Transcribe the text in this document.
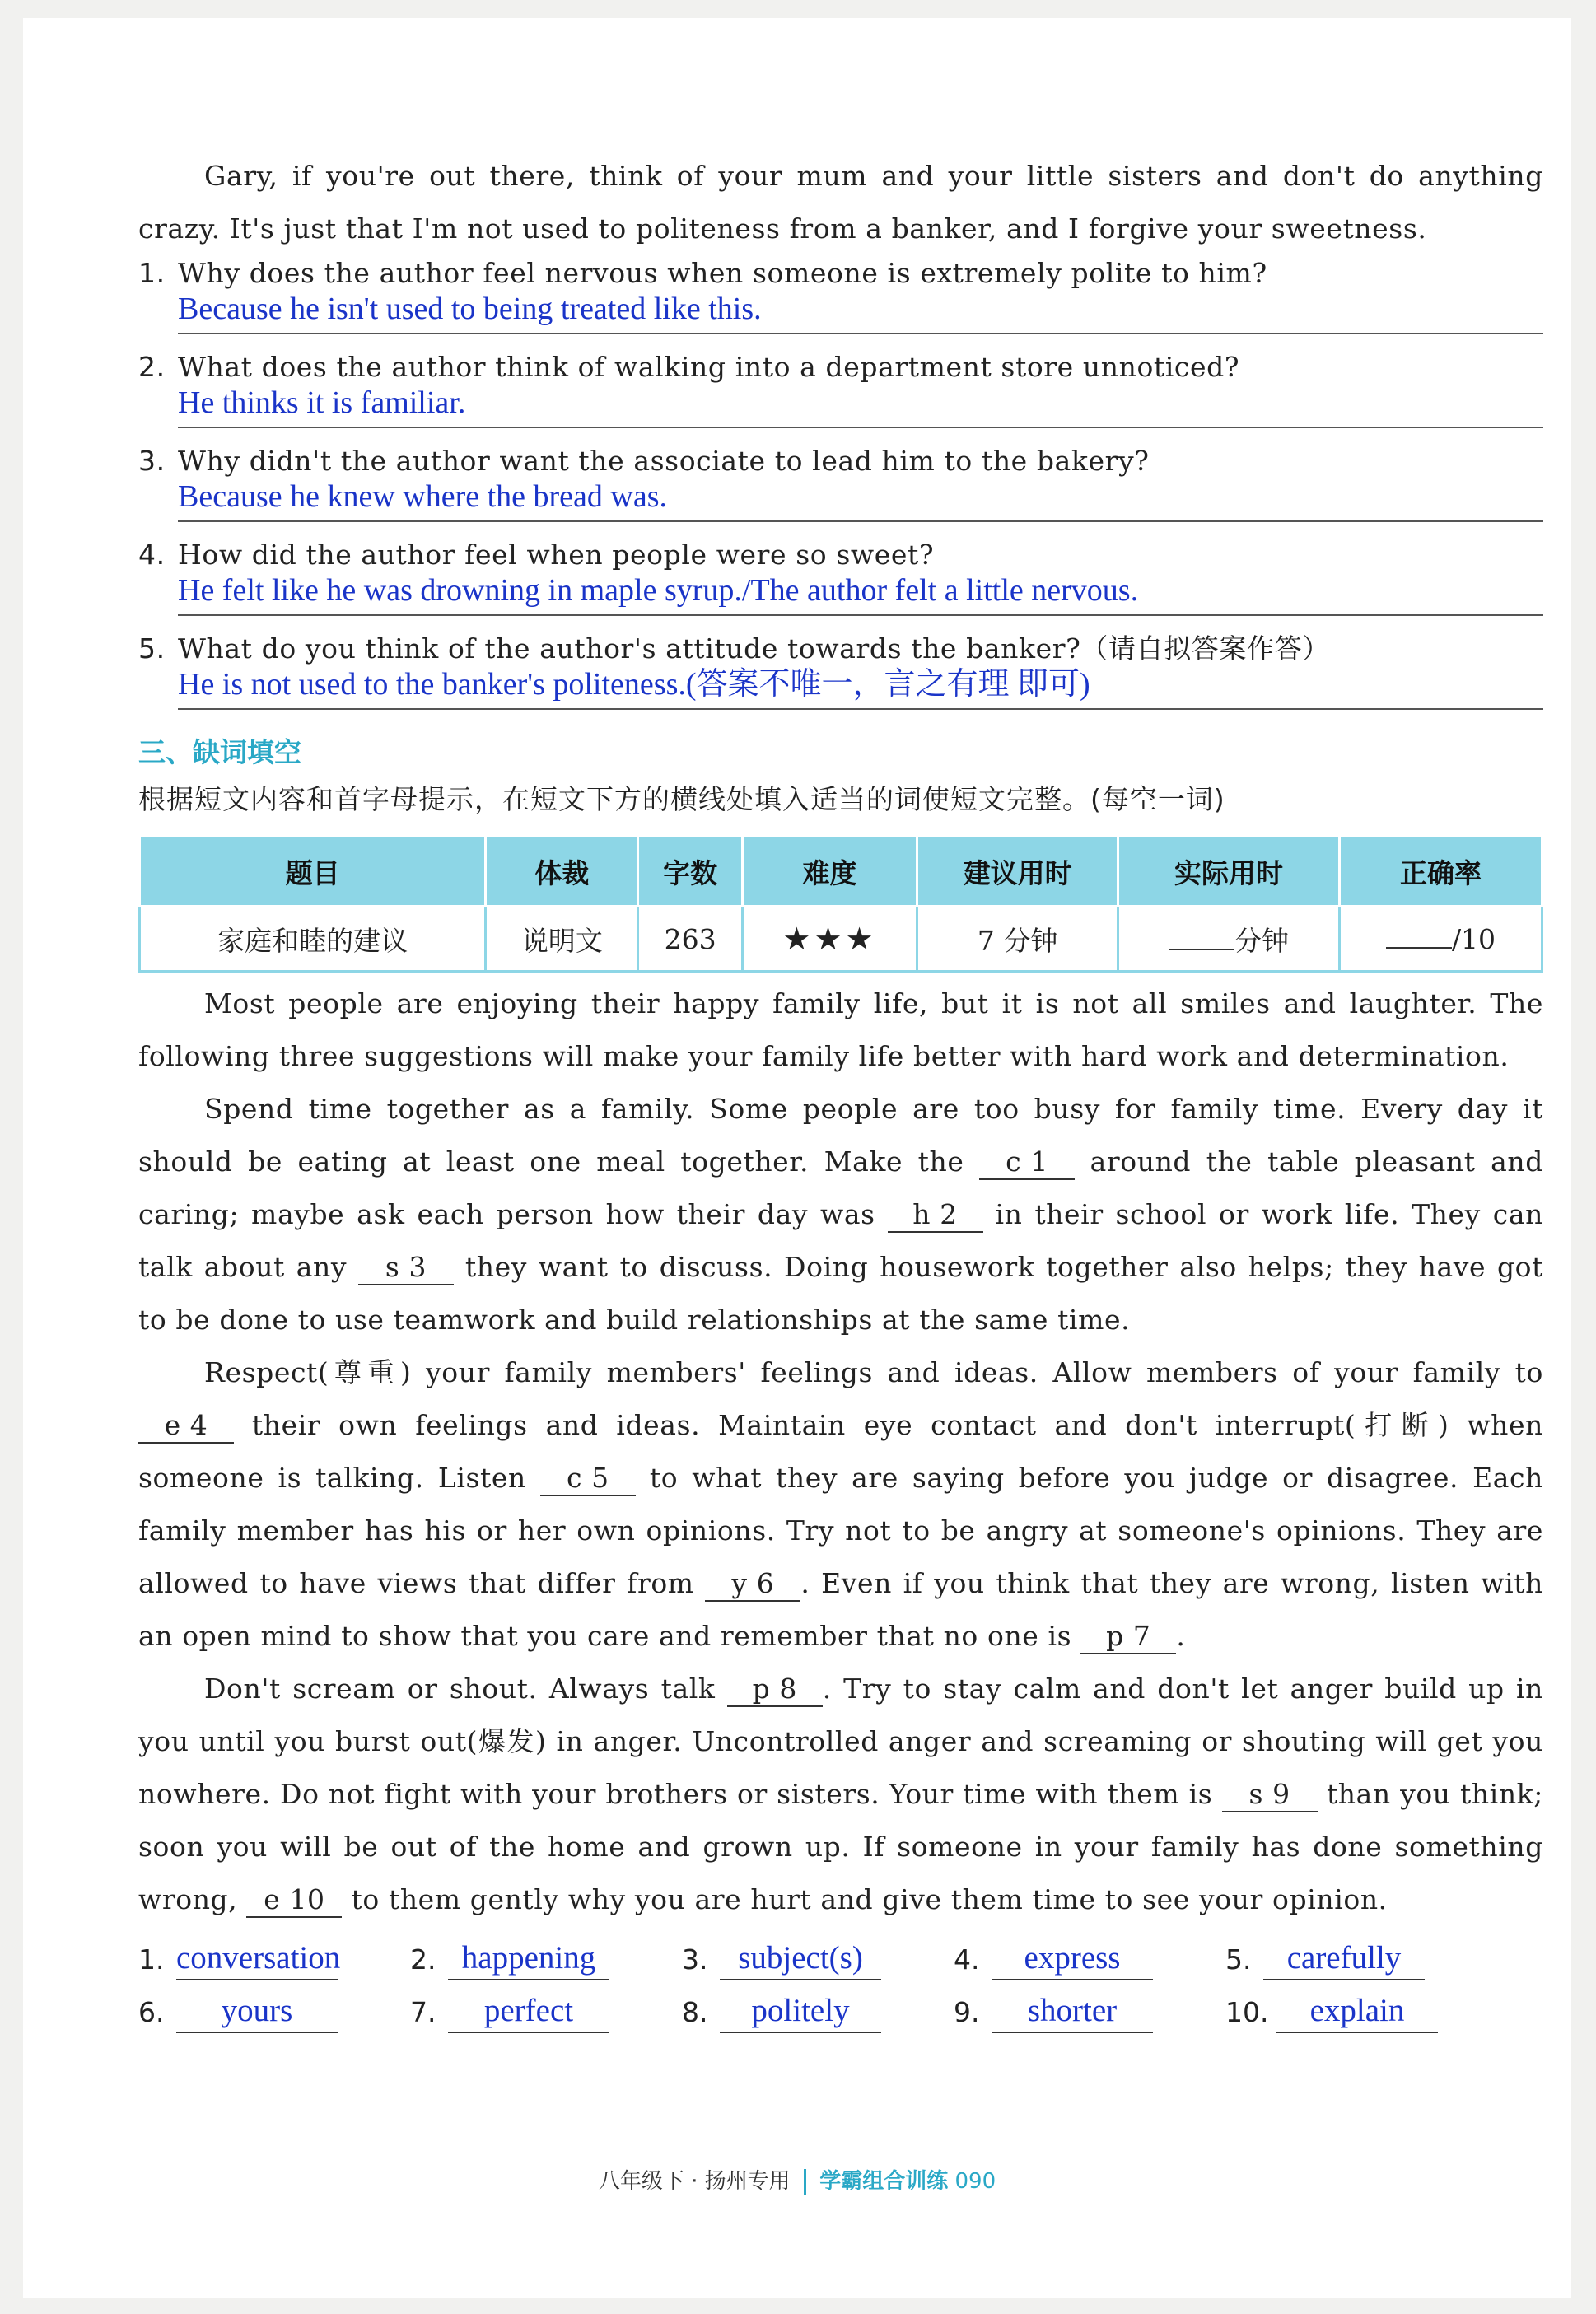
Gary, if you're out there, think of your mum and your little sisters and don't do anything crazy. It's just that I'm not used to politeness from a banker, and I forgive your sweetness.

1. Why does the author feel nervous when someone is extremely polite to him?

Because he isn't used to being treated like this.

2. What does the author think of walking into a department store unnoticed?

He thinks it is familiar.

3. Why didn't the author want the associate to lead him to the bakery?

Because he knew where the bread was.

4. How did the author feel when people were so sweet?

He felt like he was drowning in maple syrup./The author felt a little nervous.

5. What do you think of the author's attitude towards the banker?（请自拟答案作答）

He is not used to the banker's politeness.(答案不唯一，言之有理 即可)
三、缺词填空
根据短文内容和首字母提示，在短文下方的横线处填入适当的词使短文完整。(每空一词)
题目	体裁	字数	难度	建议用时	实际用时	正确率
家庭和睦的建议	说明文	263	★★★	7 分钟	分钟	/10

Most people are enjoying their happy family life, but it is not all smiles and laughter. The following three suggestions will make your family life better with hard work and determination.

Spend time together as a family. Some people are too busy for family time. Every day it should be eating at least one meal together. Make the c 1 around the table pleasant and caring; maybe ask each person how their day was h 2 in their school or work life. They can talk about any s 3 they want to discuss. Doing housework together also helps; they have got to be done to use teamwork and build relationships at the same time.

Respect(尊重) your family members' feelings and ideas. Allow members of your family to e 4 their own feelings and ideas. Maintain eye contact and don't interrupt(打断) when someone is talking. Listen c 5 to what they are saying before you judge or disagree. Each family member has his or her own opinions. Try not to be angry at someone's opinions. They are allowed to have views that differ from y 6 . Even if you think that they are wrong, listen with an open mind to show that you care and remember that no one is p 7 .

Don't scream or shout. Always talk p 8 . Try to stay calm and don't let anger build up in you until you burst out(爆发) in anger. Uncontrolled anger and screaming or shouting will get you nowhere. Do not fight with your brothers or sisters. Your time with them is s 9 than you think; soon you will be out of the home and grown up. If someone in your family has done something wrong, e 10 to them gently why you are hurt and give them time to see your opinion.

1. conversation	2. happening	3. subject(s)	4.	express	5.	carefully
6.	yours	7.	perfect	8.	politely	9.	shorter	10.	explain
八年级下 · 扬州专用 学霸组合训练 090
